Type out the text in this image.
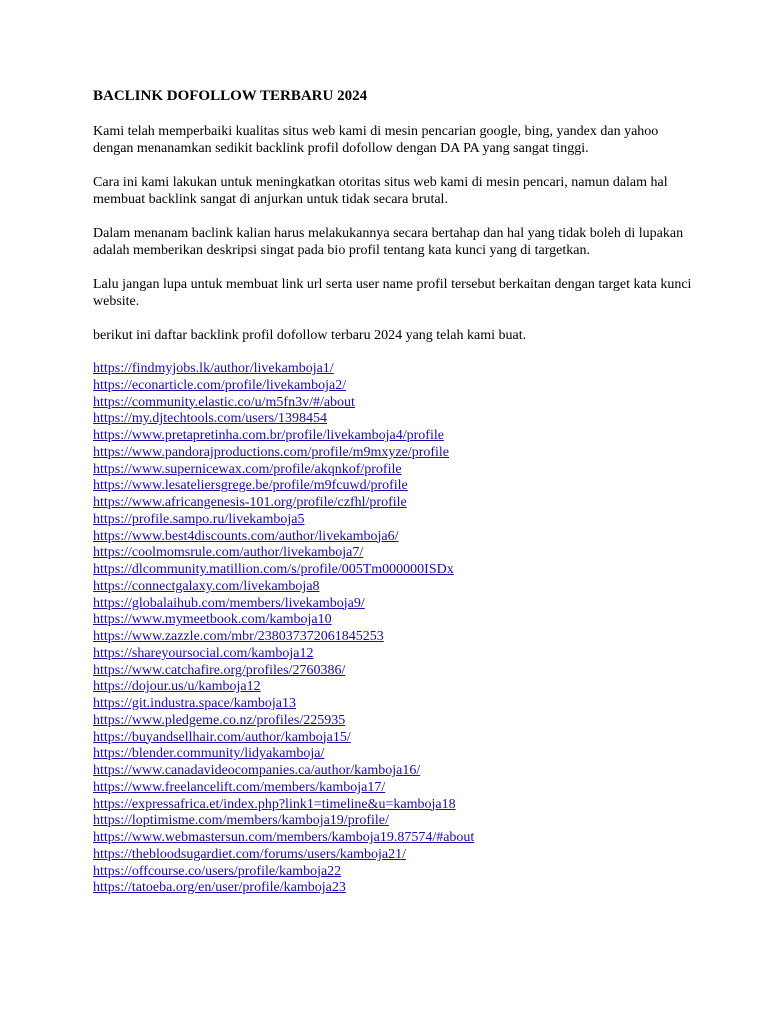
BACLINK DOFOLLOW TERBARU 2024

Kami telah memperbaiki kualitas situs web kami di mesin pencarian google, bing, yandex dan yahoo dengan menanamkan sedikit backlink profil dofollow dengan DA PA yang sangat tinggi.

Cara ini kami lakukan untuk meningkatkan otoritas situs web kami di mesin pencari, namun dalam hal membuat backlink sangat di anjurkan untuk tidak secara brutal.

Dalam menanam baclink kalian harus melakukannya secara bertahap dan hal yang tidak boleh di lupakan adalah memberikan deskripsi singat pada bio profil tentang kata kunci yang di targetkan.

Lalu jangan lupa untuk membuat link url serta user name profil tersebut berkaitan dengan target kata kunci website.

berikut ini daftar backlink profil dofollow terbaru 2024 yang telah kami buat.

https://findmyjobs.lk/author/livekamboja1/
https://econarticle.com/profile/livekamboja2/
https://community.elastic.co/u/m5fn3v/#/about
https://my.djtechtools.com/users/1398454
https://www.pretapretinha.com.br/profile/livekamboja4/profile
https://www.pandorajproductions.com/profile/m9mxyze/profile
https://www.supernicewax.com/profile/akqnkof/profile
https://www.lesateliersgrege.be/profile/m9fcuwd/profile
https://www.africangenesis-101.org/profile/czfhl/profile
https://profile.sampo.ru/livekamboja5
https://www.best4discounts.com/author/livekamboja6/
https://coolmomsrule.com/author/livekamboja7/
https://dlcommunity.matillion.com/s/profile/005Tm000000ISDx
https://connectgalaxy.com/livekamboja8
https://globalaihub.com/members/livekamboja9/
https://www.mymeetbook.com/kamboja10
https://www.zazzle.com/mbr/238037372061845253
https://shareyoursocial.com/kamboja12
https://www.catchafire.org/profiles/2760386/
https://dojour.us/u/kamboja12
https://git.industra.space/kamboja13
https://www.pledgeme.co.nz/profiles/225935
https://buyandsellhair.com/author/kamboja15/
https://blender.community/lidyakamboja/
https://www.canadavideocompanies.ca/author/kamboja16/
https://www.freelancelift.com/members/kamboja17/
https://expressafrica.et/index.php?link1=timeline&u=kamboja18
https://loptimisme.com/members/kamboja19/profile/
https://www.webmastersun.com/members/kamboja19.87574/#about
https://thebloodsugardiet.com/forums/users/kamboja21/
https://offcourse.co/users/profile/kamboja22
https://tatoeba.org/en/user/profile/kamboja23
